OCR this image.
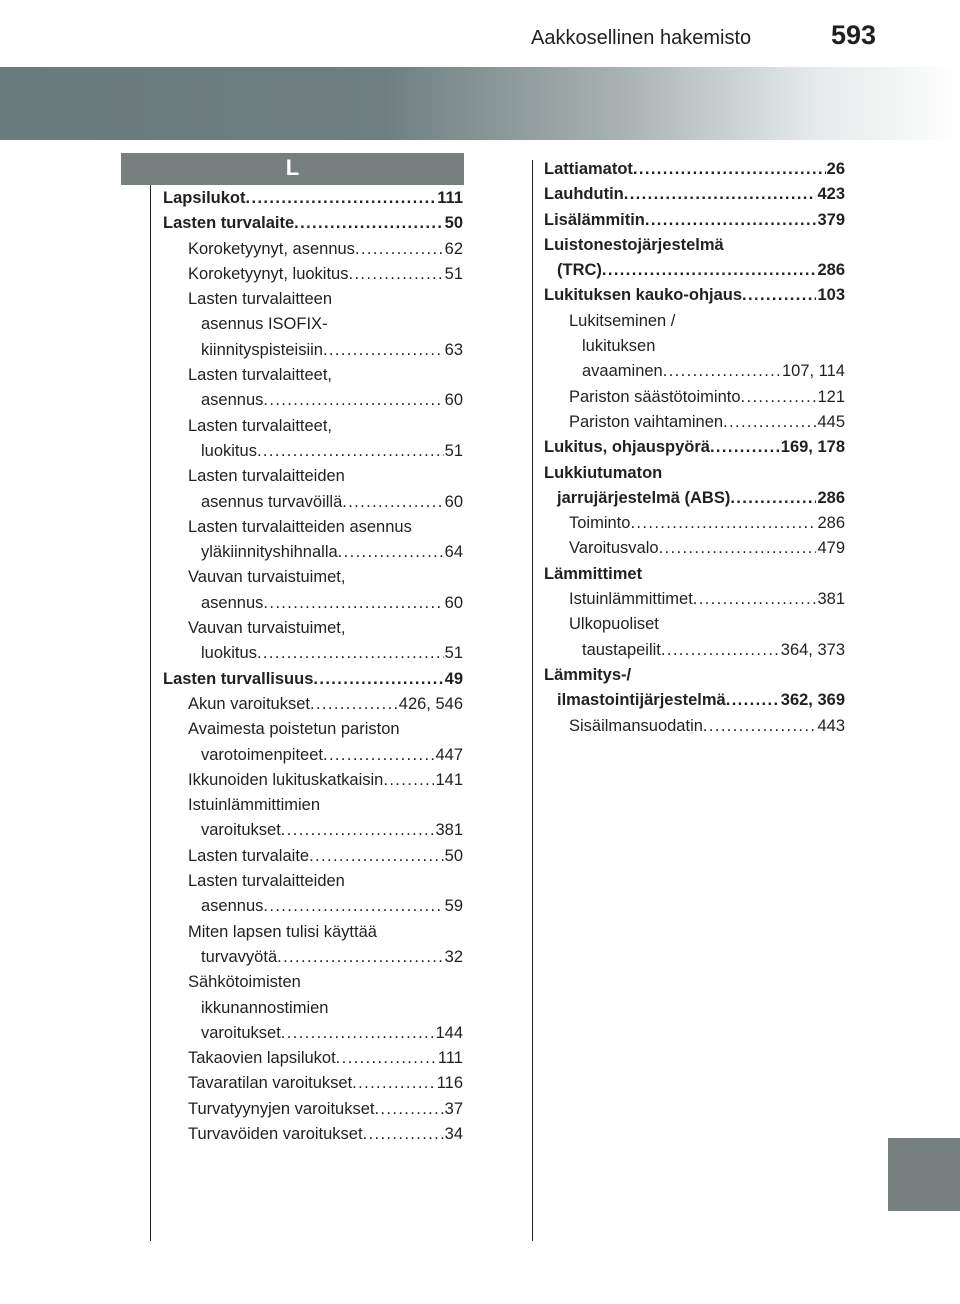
Aakkosellinen hakemisto	593
L
Lapsilukot . . .	111
Lasten turvalaite . . .	50
Koroketyynyt, asennus . . .	62
Koroketyynyt, luokitus . . .	51
Lasten turvalaitteen
asennus ISOFIX-
kiinnityspisteisiin . . .	63
Lasten turvalaitteet,
asennus . . .	60
Lasten turvalaitteet,
luokitus . . .	51
Lasten turvalaitteiden
asennus turvavöillä . . .	60
Lasten turvalaitteiden asennus
yläkiinnityshihnalla . . .	64
Vauvan turvaistuimet,
asennus . . .	60
Vauvan turvaistuimet,
luokitus . . .	51
Lasten turvallisuus . . .	49
Akun varoitukset . . .	426, 546
Avaimesta poistetun pariston
varotoimenpiteet . . .	447
Ikkunoiden lukituskatkaisin . . .	141
Istuinlämmittimien
varoitukset . . .	381
Lasten turvalaite . . .	50
Lasten turvalaitteiden
asennus . . .	59
Miten lapsen tulisi käyttää
turvavyötä . . .	32
Sähkötoimisten
ikkunannostimien
varoitukset . . .	144
Takaovien lapsilukot . . .	111
Tavaratilan varoitukset . . .	116
Turvatyynyjen varoitukset . . .	37
Turvavöiden varoitukset . . .	34
Lattiamatot . . .	26
Lauhdutin . . .	423
Lisälämmitin . . .	379
Luistonestojärjestelmä
(TRC) . . .	286
Lukituksen kauko-ohjaus . . .	103
Lukitseminen /
lukituksen
avaaminen . . .	107, 114
Pariston säästötoiminto . . .	121
Pariston vaihtaminen . . .	445
Lukitus, ohjauspyörä . . .	169, 178
Lukkiutumaton
jarrujärjestelmä (ABS) . . .	286
Toiminto . . .	286
Varoitusvalo . . .	479
Lämmittimet
Istuinlämmittimet . . .	381
Ulkopuoliset
taustapeilit . . .	364, 373
Lämmitys-/
ilmastointijärjestelmä . . .	362, 369
Sisäilmansuodatin . . .	443
